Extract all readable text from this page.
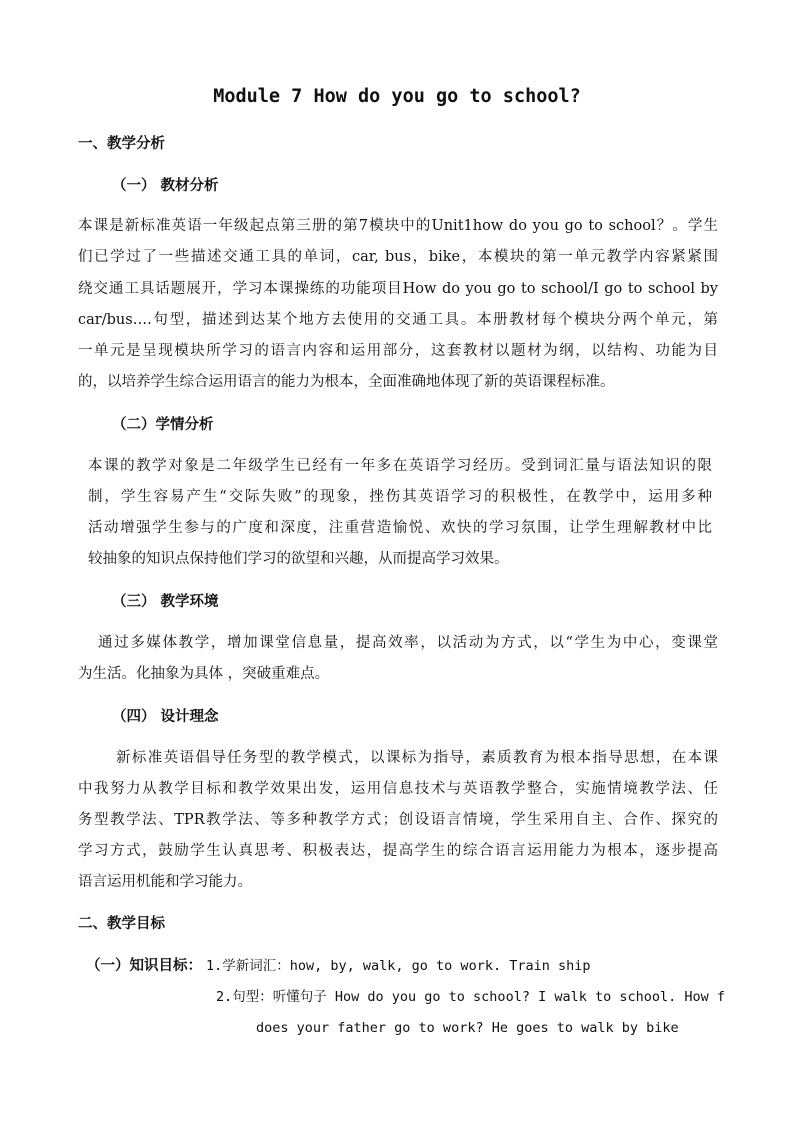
Module 7 How do you go to school?
一、教学分析
（一） 教材分析
本课是新标准英语一年级起点第三册的第7模块中的Unit1how do you go to school？。学生
们已学过了一些描述交通工具的单词，car, bus，bike，本模块的第一单元教学内容紧紧围
绕交通工具话题展开，学习本课操练的功能项目How do you go to school/I go to school by
car/bus….句型，描述到达某个地方去使用的交通工具。本册教材每个模块分两个单元，第
一单元是呈现模块所学习的语言内容和运用部分，这套教材以题材为纲，以结构、功能为目
的，以培养学生综合运用语言的能力为根本，全面准确地体现了新的英语课程标准。
（二）学情分析
本课的教学对象是二年级学生已经有一年多在英语学习经历。受到词汇量与语法知识的限
制，学生容易产生“交际失败”的现象，挫伤其英语学习的积极性，在教学中，运用多种
活动增强学生参与的广度和深度，注重营造愉悦、欢快的学习氛围，让学生理解教材中比
较抽象的知识点保持他们学习的欲望和兴趣，从而提高学习效果。
（三） 教学环境
通过多媒体教学，增加课堂信息量，提高效率，以活动为方式，以“学生为中心，变课堂
为生活。化抽象为具体 ，突破重难点。
（四） 设计理念
新标准英语倡导任务型的教学模式，以课标为指导，素质教育为根本指导思想，在本课
中我努力从教学目标和教学效果出发，运用信息技术与英语教学整合，实施情境教学法、任
务型教学法、TPR教学法、等多种教学方式；创设语言情境，学生采用自主、合作、探究的
学习方式，鼓励学生认真思考、积极表达，提高学生的综合语言运用能力为根本，逐步提高
语言运用机能和学习能力。
二、教学目标
（一）知识目标： 1.学新词汇：how, by, walk, go to work. Train ship
2.句型：听懂句子 How do you go to school? I walk to school. How f
does your father go to work? He goes to walk by bike
